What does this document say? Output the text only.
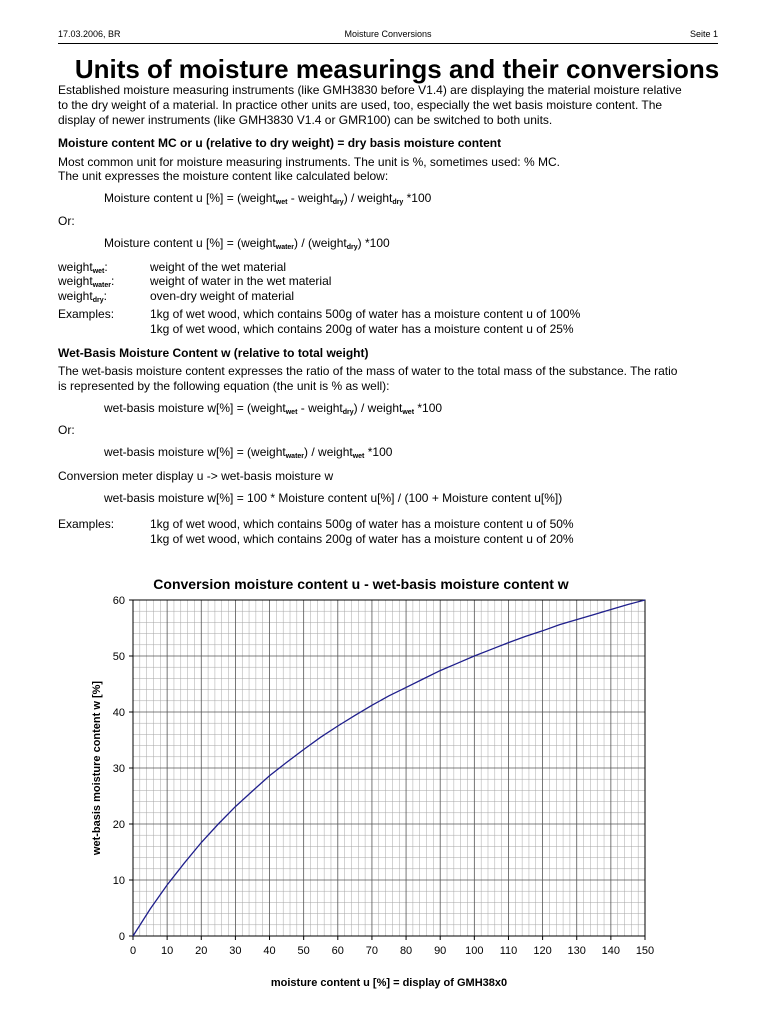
17.03.2006, BR	Moisture Conversions	Seite 1
Units of moisture measurings and their conversions
Established moisture measuring instruments (like GMH3830 before V1.4) are displaying the material moisture relative
to the dry weight of a material. In practice other units are used, too, especially the wet basis moisture content. The
display of newer instruments (like GMH3830 V1.4 or GMR100) can be switched to both units.
Moisture content MC or u (relative to dry weight) = dry basis moisture content
Most common unit for moisture measuring instruments. The unit is %, sometimes used: % MC.
The unit expresses the moisture content like calculated below:
Moisture content u [%] = (weight$_{wet}$ - weight$_{dry}$) / weight$_{dry}$ *100
Or:
Moisture content u [%] = (weight$_{water}$) / (weight$_{dry}$) *100
weight$_{wet}$:	weight of the wet material
weight$_{water}$:	weight of water in the wet material
weight$_{dry}$:	oven-dry weight of material
Examples:	1kg of wet wood, which contains 500g of water has a moisture content u of 100%
1kg of wet wood, which contains 200g of water has a moisture content u of 25%
Wet-Basis Moisture Content w (relative to total weight)
The wet-basis moisture content expresses the ratio of the mass of water to the total mass of the substance. The ratio
is represented by the following equation (the unit is % as well):
wet-basis moisture w[%] = (weight$_{wet}$ - weight$_{dry}$) / weight$_{wet}$ *100
Or:
wet-basis moisture w[%] = (weight$_{water}$) / weight$_{wet}$ *100
Conversion meter display u -> wet-basis moisture w
wet-basis moisture w[%] = 100 * Moisture content u[%] / (100 + Moisture content u[%])
Examples:	1kg of wet wood, which contains 500g of water has a moisture content u of 50%
1kg of wet wood, which contains 200g of water has a moisture content u of 20%
Conversion moisture content u - wet-basis moisture content w
0 10 20 30 40 50 60 70 80 90 100 110 120 130 140 150
0
10
20
30
40
50
60
moisture content u [%] = display of GMH38x0
wet-basis moisture content w [%]
